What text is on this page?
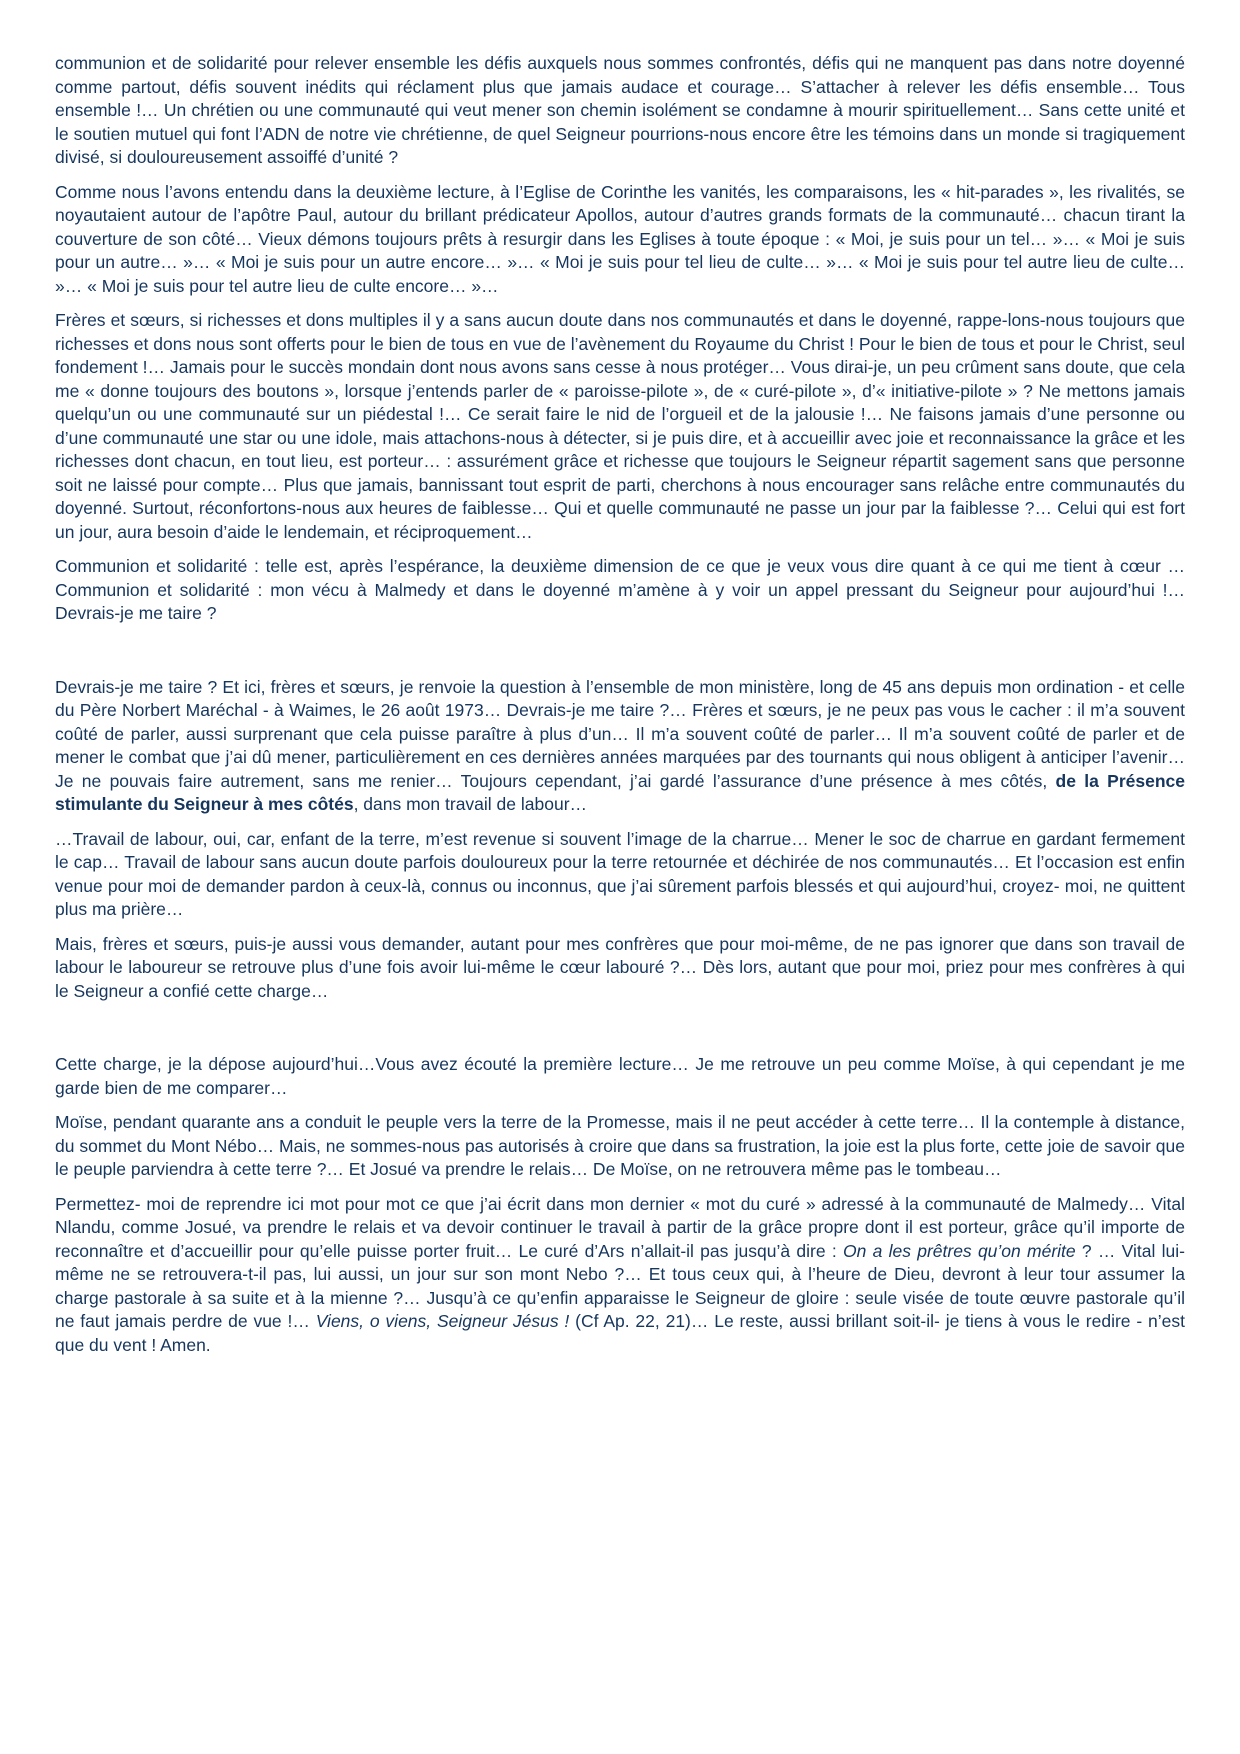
communion et de solidarité pour relever ensemble les défis auxquels nous sommes confrontés, défis qui ne manquent pas dans notre doyenné comme partout, défis souvent inédits qui réclament plus que jamais audace et courage… S’attacher à relever les défis ensemble… Tous ensemble !… Un chrétien ou une communauté qui veut mener son chemin isolément se condamne à mourir spirituellement… Sans cette unité et le soutien mutuel qui font l’ADN de notre vie chrétienne, de quel Seigneur pourrions-nous encore être les témoins dans un monde si tragiquement divisé, si douloureusement assoiffé d’unité ?

Comme nous l’avons entendu dans la deuxième lecture, à l’Eglise de Corinthe les vanités, les comparaisons, les « hit-parades », les rivalités, se noyautaient autour de l’apôtre Paul, autour du brillant prédicateur Apollos, autour d’autres grands formats de la communauté… chacun tirant la couverture de son côté… Vieux démons toujours prêts à resurgir dans les Eglises à toute époque : « Moi, je suis pour un tel… »… « Moi je suis pour un autre… »… « Moi je suis pour un autre encore… »… « Moi je suis pour tel lieu de culte… »… « Moi je suis pour tel autre lieu de culte… »… « Moi je suis pour tel autre lieu de culte encore… »…

Frères et sœurs, si richesses et dons multiples il y a sans aucun doute dans nos communautés et dans le doyenné, rappe-lons-nous toujours que richesses et dons nous sont offerts pour le bien de tous en vue de l’avènement du Royaume du Christ ! Pour le bien de tous et pour le Christ, seul fondement !… Jamais pour le succès mondain dont nous avons sans cesse à nous protéger… Vous dirai-je, un peu crûment sans doute, que cela me « donne toujours des boutons », lorsque j’entends parler de « paroisse-pilote », de « curé-pilote », d’« initiative-pilote » ? Ne mettons jamais quelqu’un ou une communauté sur un piédestal !… Ce serait faire le nid de l’orgueil et de la jalousie !… Ne faisons jamais d’une personne ou d’une communauté une star ou une idole, mais attachons-nous à détecter, si je puis dire, et à accueillir avec joie et reconnaissance la grâce et les richesses dont chacun, en tout lieu, est porteur… : assurément grâce et richesse que toujours le Seigneur répartit sagement sans que personne soit ne laissé pour compte… Plus que jamais, bannissant tout esprit de parti, cherchons à nous encourager sans relâche entre communautés du doyenné. Surtout, réconfortons-nous aux heures de faiblesse… Qui et quelle communauté ne passe un jour par la faiblesse ?… Celui qui est fort un jour, aura besoin d’aide le lendemain, et réciproquement…

Communion et solidarité : telle est, après l’espérance, la deuxième dimension de ce que je veux vous dire quant à ce qui me tient à cœur … Communion et solidarité : mon vécu à Malmedy et dans le doyenné m’amène à y voir un appel pressant du Seigneur pour aujourd’hui !… Devrais-je me taire ?

Devrais-je me taire ? Et ici, frères et sœurs, je renvoie la question à l’ensemble de mon ministère, long de 45 ans depuis mon ordination - et celle du Père Norbert Maréchal - à Waimes, le 26 août 1973… Devrais-je me taire ?… Frères et sœurs, je ne peux pas vous le cacher : il m’a souvent coûté de parler, aussi surprenant que cela puisse paraître à plus d’un… Il m’a souvent coûté de parler… Il m’a souvent coûté de parler et de mener le combat que j’ai dû mener, particulièrement en ces dernières années marquées par des tournants qui nous obligent à anticiper l’avenir… Je ne pouvais faire autrement, sans me renier… Toujours cependant, j’ai gardé l’assurance d’une présence à mes côtés, de la Présence stimulante du Seigneur à mes côtés, dans mon travail de labour…

…Travail de labour, oui, car, enfant de la terre, m’est revenue si souvent l’image de la charrue… Mener le soc de charrue en gardant fermement le cap… Travail de labour sans aucun doute parfois douloureux pour la terre retournée et déchirée de nos communautés… Et l’occasion est enfin venue pour moi de demander pardon à ceux-là, connus ou inconnus, que j’ai sûrement parfois blessés et qui aujourd’hui, croyez- moi, ne quittent plus ma prière…

Mais, frères et sœurs, puis-je aussi vous demander, autant pour mes confrères que pour moi-même, de ne pas ignorer que dans son travail de labour le laboureur se retrouve plus d’une fois avoir lui-même le cœur labouré ?… Dès lors, autant que pour moi, priez pour mes confrères à qui le Seigneur a confié cette charge…

Cette charge, je la dépose aujourd’hui…Vous avez écouté la première lecture… Je me retrouve un peu comme Moïse, à qui cependant je me garde bien de me comparer…

Moïse, pendant quarante ans a conduit le peuple vers la terre de la Promesse, mais il ne peut accéder à cette terre… Il la contemple à distance, du sommet du Mont Nébo… Mais, ne sommes-nous pas autorisés à croire que dans sa frustration, la joie est la plus forte, cette joie de savoir que le peuple parviendra à cette terre ?… Et Josué va prendre le relais… De Moïse, on ne retrouvera même pas le tombeau…

Permettez- moi de reprendre ici mot pour mot ce que j’ai écrit dans mon dernier « mot du curé » adressé à la communauté de Malmedy… Vital Nlandu, comme Josué, va prendre le relais et va devoir continuer le travail à partir de la grâce propre dont il est porteur, grâce qu’il importe de reconnaître et d’accueillir pour qu’elle puisse porter fruit… Le curé d’Ars n’allait-il pas jusqu’à dire : On a les prêtres qu’on mérite ? … Vital lui-même ne se retrouvera-t-il pas, lui aussi, un jour sur son mont Nebo ?… Et tous ceux qui, à l’heure de Dieu, devront à leur tour assumer la charge pastorale à sa suite et à la mienne ?… Jusqu’à ce qu’enfin apparaisse le Seigneur de gloire : seule visée de toute œuvre pastorale qu’il ne faut jamais perdre de vue !… Viens, o viens, Seigneur Jésus ! (Cf Ap. 22, 21)… Le reste, aussi brillant soit-il- je tiens à vous le redire - n’est que du vent ! Amen.
